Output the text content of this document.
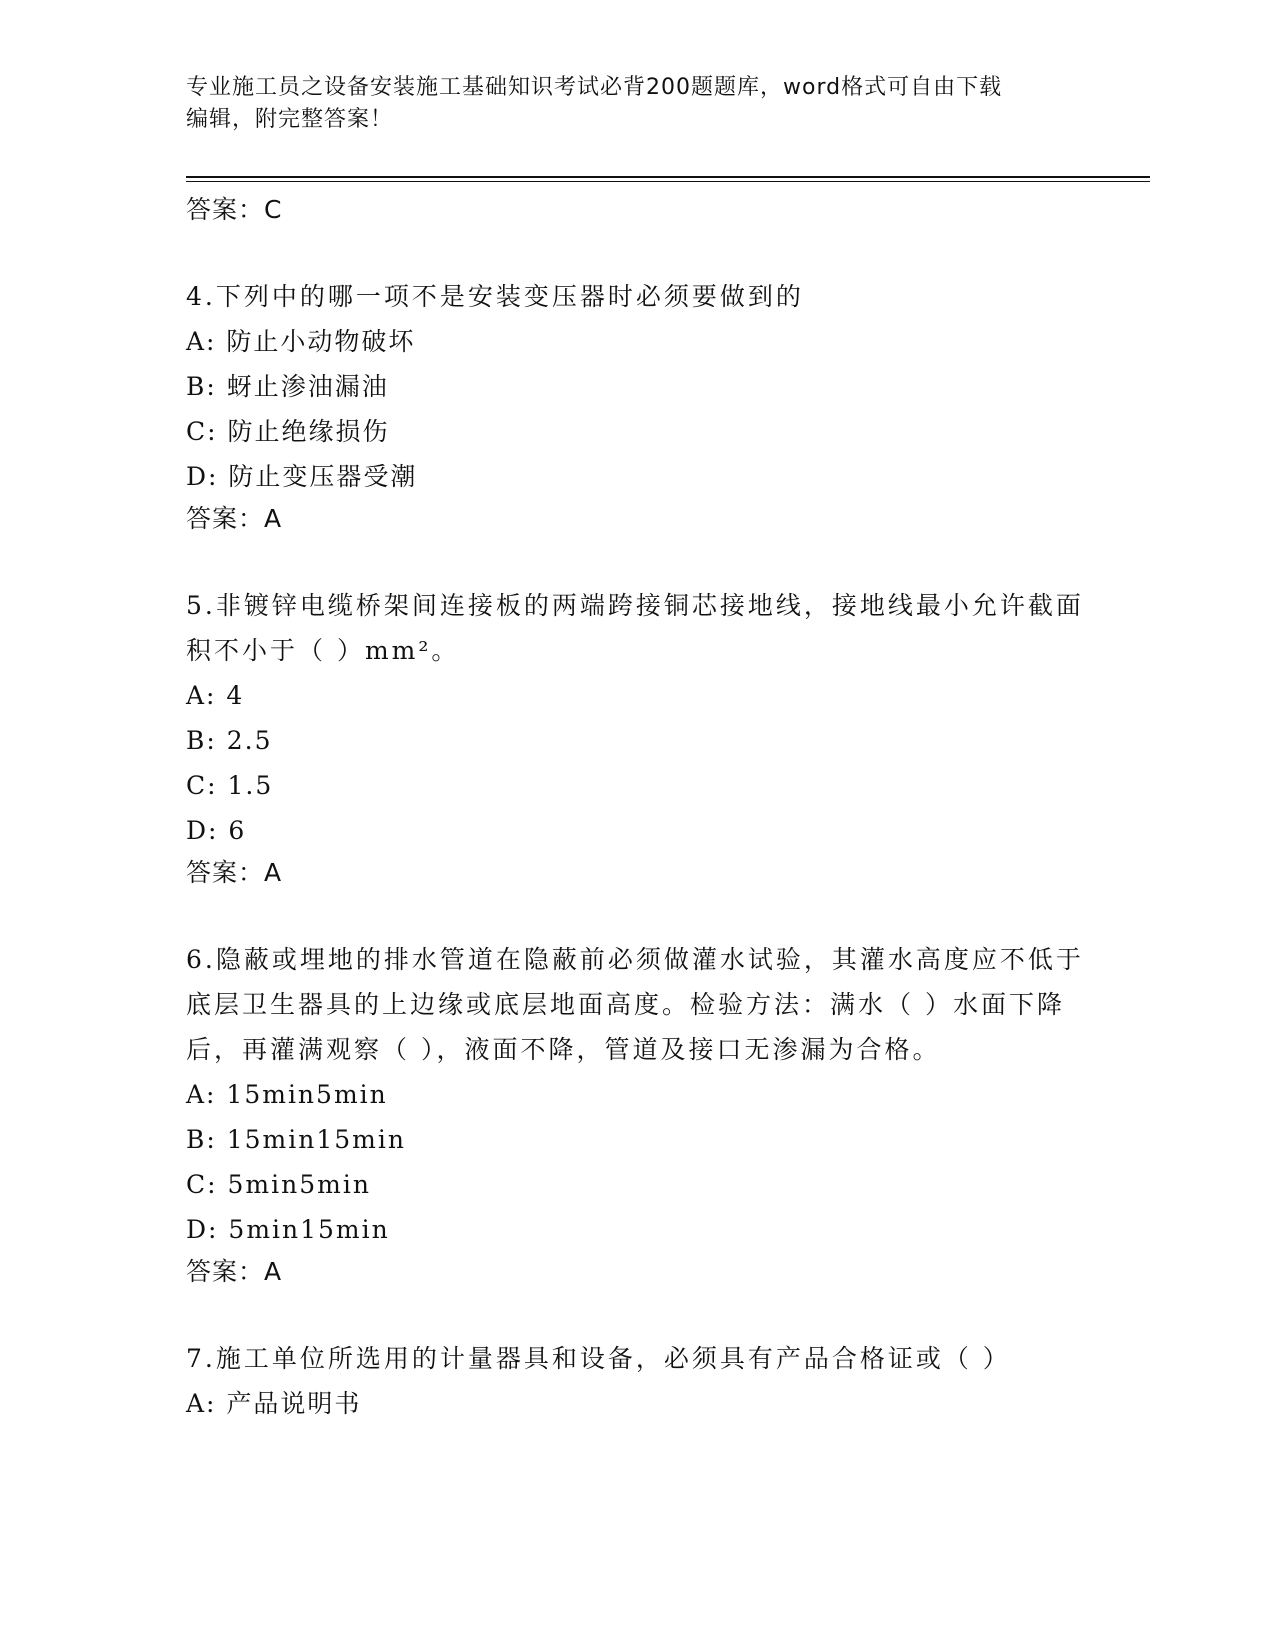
专业施工员之设备安装施工基础知识考试必背200题题库，word格式可自由下载
编辑，附完整答案！
答案：C
4.下列中的哪一项不是安装变压器时必须要做到的
A: 防止小动物破坏
B: 蚜止渗油漏油
C: 防止绝缘损伤
D: 防止变压器受潮
答案：A
5.非镀锌电缆桥架间连接板的两端跨接铜芯接地线，接地线最小允许截面积不小于（ ）mm²。
A: 4
B: 2.5
C: 1.5
D: 6
答案：A
6.隐蔽或埋地的排水管道在隐蔽前必须做灌水试验，其灌水高度应不低于底层卫生器具的上边缘或底层地面高度。检验方法：满水（ ）水面下降后，再灌满观察（ ），液面不降，管道及接口无渗漏为合格。
A: 15min5min
B: 15min15min
C: 5min5min
D: 5min15min
答案：A
7.施工单位所选用的计量器具和设备，必须具有产品合格证或（ ）
A: 产品说明书
